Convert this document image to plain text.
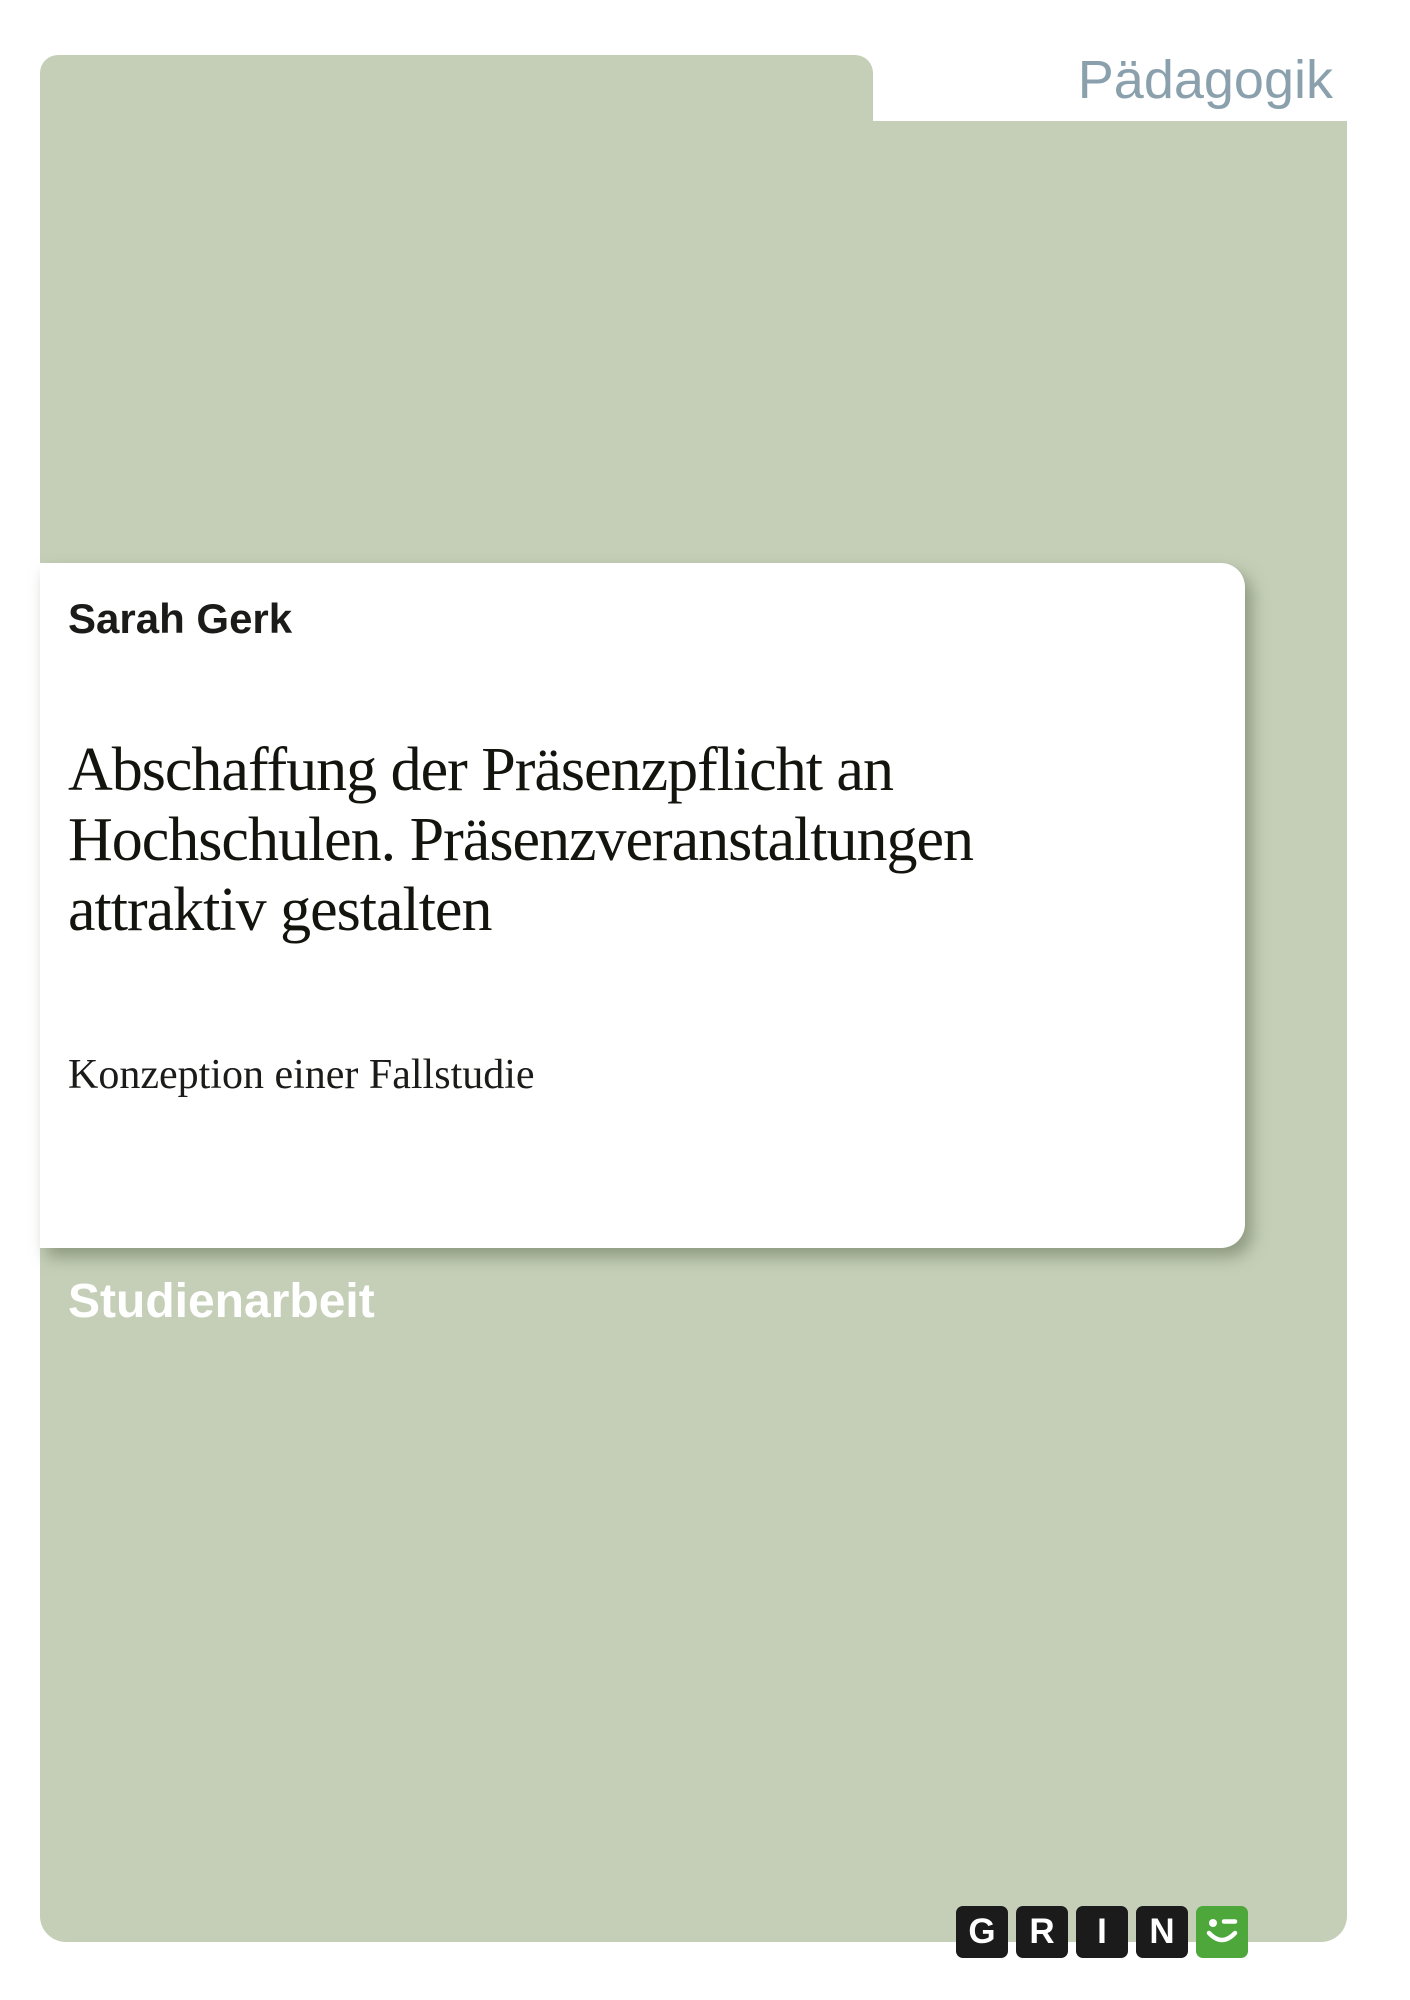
Pädagogik
Sarah Gerk
Abschaffung der Präsenzpflicht an
Hochschulen. Präsenzveranstaltungen
attraktiv gestalten
Konzeption einer Fallstudie
Studienarbeit
G R I N
